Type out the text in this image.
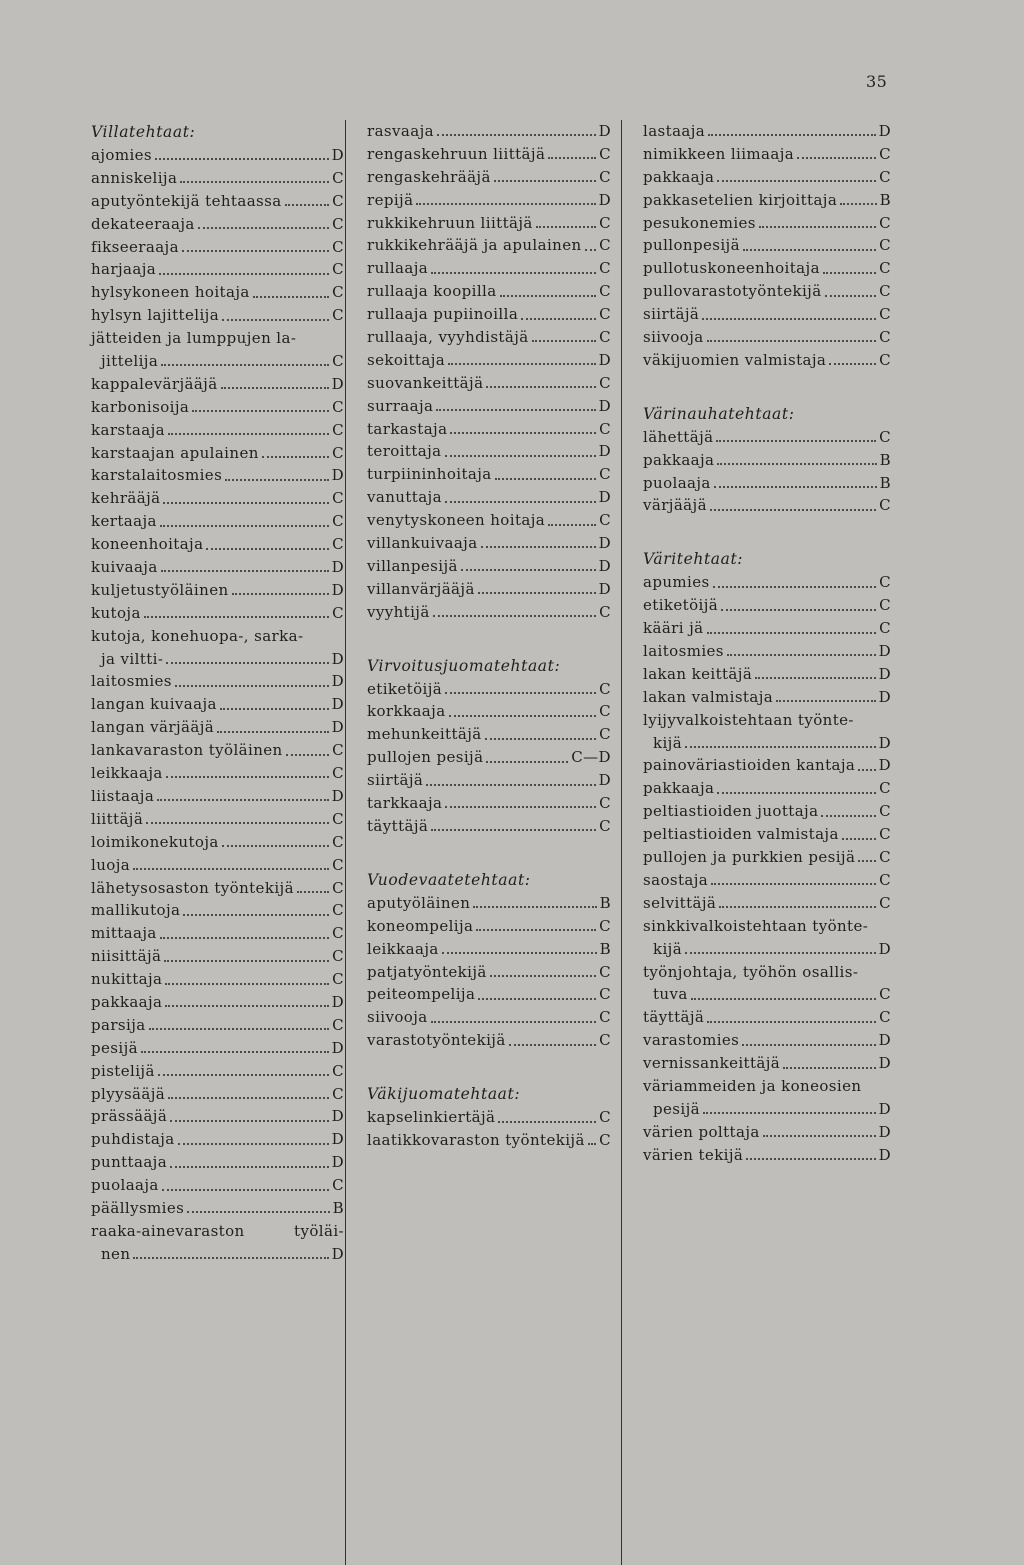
35
Villatehtaat:
ajomies	D
anniskelija	C
aputyöntekijä tehtaassa	C
dekateeraaja	C
fikseeraaja	C
harjaaja	C
hylsykoneen hoitaja	C
hylsyn lajittelija	C
jätteiden ja lumppujen la-
jittelija	C
kappalevärjääjä	D
karbonisoija	C
karstaaja	C
karstaajan apulainen	C
karstalaitosmies	D
kehrääjä	C
kertaaja	C
koneenhoitaja	C
kuivaaja	D
kuljetustyöläinen	D
kutoja	C
kutoja, konehuopa-, sarka-
ja viltti-	D
laitosmies	D
langan kuivaaja	D
langan värjääjä	D
lankavaraston työläinen	C
leikkaaja	C
liistaaja	D
liittäjä	C
loimikonekutoja	C
luoja	C
lähetysosaston työntekijä	C
mallikutoja	C
mittaaja	C
niisittäjä	C
nukittaja	C
pakkaaja	D
parsija	C
pesijä	D
pistelijä	C
plyysääjä	C
prässääjä	D
puhdistaja	D
punttaaja	D
puolaaja	C
päällysmies	B
raaka-ainevaraston	työläi-
nen	D
rasvaaja	D
rengaskehruun liittäjä	C
rengaskehrääjä	C
repijä	D
rukkikehruun liittäjä	C
rukkikehrääjä ja apulainen C
rullaaja	C
rullaaja koopilla	C
rullaaja pupiinoilla	C
rullaaja, vyyhdistäjä	C
sekoittaja	D
suovankeittäjä	C
surraaja	D
tarkastaja	C
teroittaja	D
turpiininhoitaja	C
vanuttaja	D
venytyskoneen hoitaja	C
villankuivaaja	D
villanpesijä	D
villanvärjääjä	D
vyyhtijä	C
Virvoitusjuomatehtaat:
etiketöijä	C
korkkaaja	C
mehunkeittäjä	C
pullojen pesijä	C—D
siirtäjä	D
tarkkaaja	C
täyttäjä	C
Vuodevaatetehtaat:
aputyöläinen	B
koneompelija	C
leikkaaja	B
patjatyöntekijä	C
peiteompelija	C
siivooja	C
varastotyöntekijä	C
Väkijuomatehtaat:
kapselinkiertäjä	C
laatikkovaraston työntekijä C
lastaaja	D
nimikkeen liimaaja	C
pakkaaja	C
pakkasetelien kirjoittaja	B
pesukonemies	C
pullonpesijä	C
pullotuskoneenhoitaja	C
pullovarastotyöntekijä	C
siirtäjä	C
siivooja	C
väkijuomien valmistaja	C
Värinauhatehtaat:
lähettäjä	C
pakkaaja	B
puolaaja	B
värjääjä	C
Väritehtaat:
apumies	C
etiketöijä	C
kääri jä	C
laitosmies	D
lakan keittäjä	D
lakan valmistaja	D
lyijyvalkoistehtaan työnte-
kijä	D
painoväriastioiden kantaja D
pakkaaja	C
peltiastioiden juottaja	C
peltiastioiden valmistaja	C
pullojen ja purkkien pesijä C
saostaja	C
selvittäjä	C
sinkkivalkoistehtaan työnte-
kijä	D
työnjohtaja, työhön osallis-
tuva	C
täyttäjä	C
varastomies	D
vernissankeittäjä	D
väriammeiden ja koneosien
pesijä	D
värien polttaja	D
värien tekijä	D
